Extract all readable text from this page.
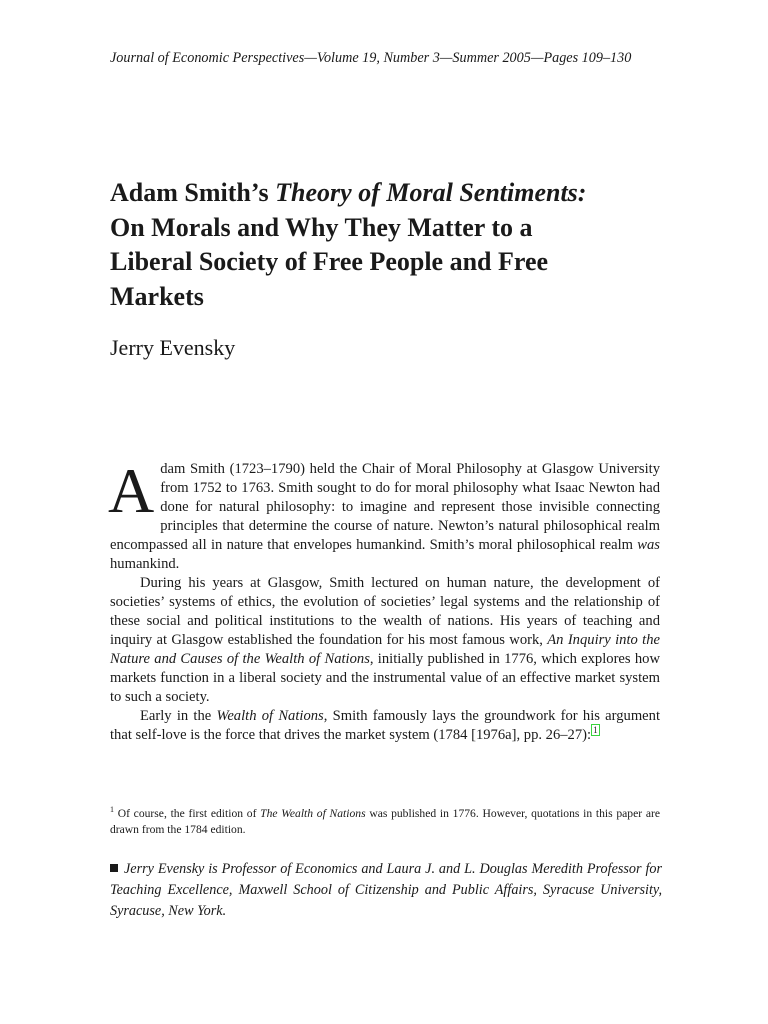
Journal of Economic Perspectives—Volume 19, Number 3—Summer 2005—Pages 109–130
Adam Smith’s Theory of Moral Sentiments:
On Morals and Why They Matter to a
Liberal Society of Free People and Free
Markets
Jerry Evensky

Adam Smith (1723–1790) held the Chair of Moral Philosophy at Glasgow University from 1752 to 1763. Smith sought to do for moral philosophy what Isaac Newton had done for natural philosophy: to imagine and represent those invisible connecting principles that determine the course of nature. Newton’s natural philosophical realm encompassed all in nature that envelopes humankind. Smith’s moral philosophical realm was humankind.

During his years at Glasgow, Smith lectured on human nature, the development of societies’ systems of ethics, the evolution of societies’ legal systems and the relationship of these social and political institutions to the wealth of nations. His years of teaching and inquiry at Glasgow established the foundation for his most famous work, An Inquiry into the Nature and Causes of the Wealth of Nations, initially published in 1776, which explores how markets function in a liberal society and the instrumental value of an effective market system to such a society.

Early in the Wealth of Nations, Smith famously lays the groundwork for his argument that self-love is the force that drives the market system (1784 [1976a], pp. 26–27): $^1$

$^1$ Of course, the first edition of The Wealth of Nations was published in 1776. However, quotations in this paper are drawn from the 1784 edition.

Jerry Evensky is Professor of Economics and Laura J. and L. Douglas Meredith Professor for Teaching Excellence, Maxwell School of Citizenship and Public Affairs, Syracuse University, Syracuse, New York.
